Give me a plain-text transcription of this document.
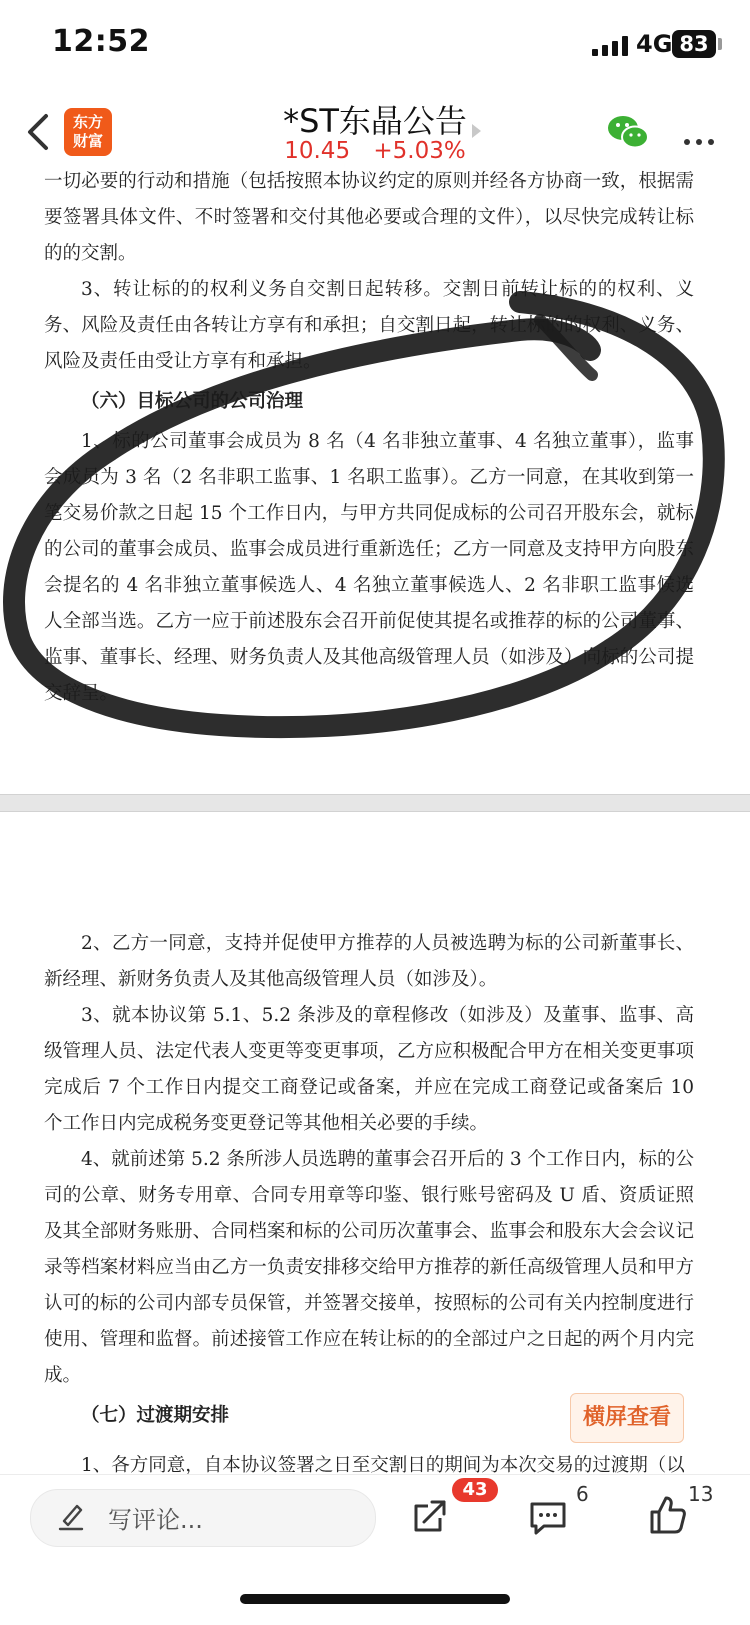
12:52	4G 83
东方
财富
*ST东晶公告
10.45 +5.03%

一切必要的行动和措施（包括按照本协议约定的原则并经各方协商一致，根据需要签署具体文件、不时签署和交付其他必要或合理的文件），以尽快完成转让标的的交割。

3、转让标的的权利义务自交割日起转移。交割日前转让标的的权利、义务、风险及责任由各转让方享有和承担；自交割日起，转让标的的权利、义务、风险及责任由受让方享有和承担。

（六）目标公司的公司治理

1、标的公司董事会成员为 8 名（4 名非独立董事、4 名独立董事），监事会成员为 3 名（2 名非职工监事、1 名职工监事）。乙方一同意，在其收到第一笔交易价款之日起 15 个工作日内，与甲方共同促成标的公司召开股东会，就标的公司的董事会成员、监事会成员进行重新选任；乙方一同意及支持甲方向股东会提名的 4 名非独立董事候选人、4 名独立董事候选人、2 名非职工监事候选人全部当选。乙方一应于前述股东会召开前促使其提名或推荐的标的公司董事、监事、董事长、经理、财务负责人及其他高级管理人员（如涉及）向标的公司提交辞呈。

2、乙方一同意，支持并促使甲方推荐的人员被选聘为标的公司新董事长、新经理、新财务负责人及其他高级管理人员（如涉及）。

3、就本协议第 5.1、5.2 条涉及的章程修改（如涉及）及董事、监事、高级管理人员、法定代表人变更等变更事项，乙方应积极配合甲方在相关变更事项完成后 7 个工作日内提交工商登记或备案，并应在完成工商登记或备案后 10 个工作日内完成税务变更登记等其他相关必要的手续。

4、就前述第 5.2 条所涉人员选聘的董事会召开后的 3 个工作日内，标的公司的公章、财务专用章、合同专用章等印鉴、银行账号密码及 U 盾、资质证照及其全部财务账册、合同档案和标的公司历次董事会、监事会和股东大会会议记录等档案材料应当由乙方一负责安排移交给甲方推荐的新任高级管理人员和甲方认可的标的公司内部专员保管，并签署交接单，按照标的公司有关内控制度进行使用、管理和监督。前述接管工作应在转让标的的全部过户之日起的两个月内完成。

（七）过渡期安排

1、各方同意，自本协议签署之日至交割日的期间为本次交易的过渡期（以
横屏查看
写评论...
43	6	13
